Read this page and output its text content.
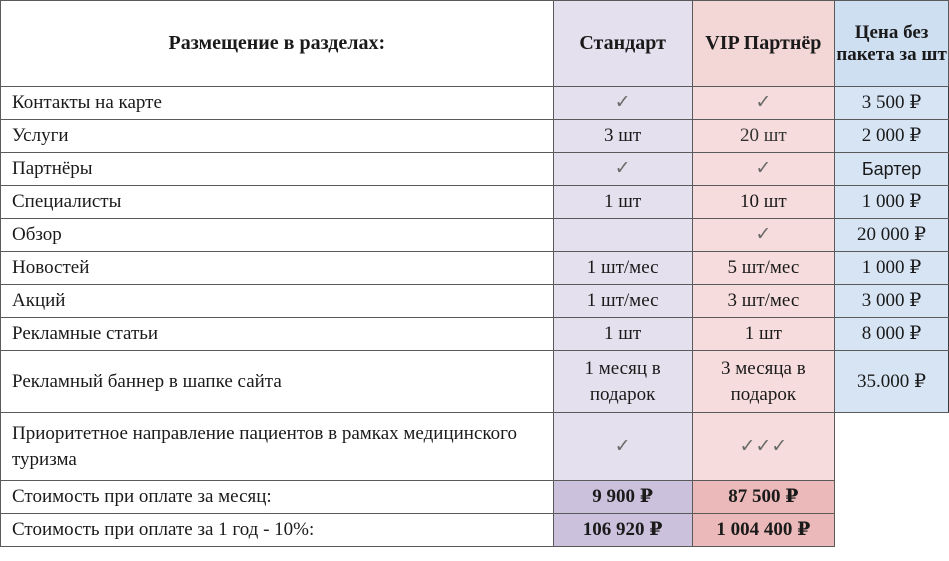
Размещение в разделах:	Стандарт	VIP Партнёр	Цена без пакета за шт
Контакты на карте	✓	✓	3 500 ₽
Услуги	3 шт	20 шт	2 000 ₽
Партнёры	✓	✓	Бартер
Специалисты	1 шт	10 шт	1 000 ₽
Обзор		✓	20 000 ₽
Новостей	1 шт/мес	5 шт/мес	1 000 ₽
Акций	1 шт/мес	3 шт/мес	3 000 ₽
Рекламные статьи	1 шт	1 шт	8 000 ₽
Рекламный баннер в шапке сайта	1 месяц в подарок	3 месяца в подарок	35.000 ₽
Приоритетное направление пациентов в рамках медицинского туризма	✓	✓✓✓	
Стоимость при оплате за месяц:	9 900 ₽	87 500 ₽	
Стоимость при оплате за 1 год - 10%:	106 920 ₽	1 004 400 ₽	
